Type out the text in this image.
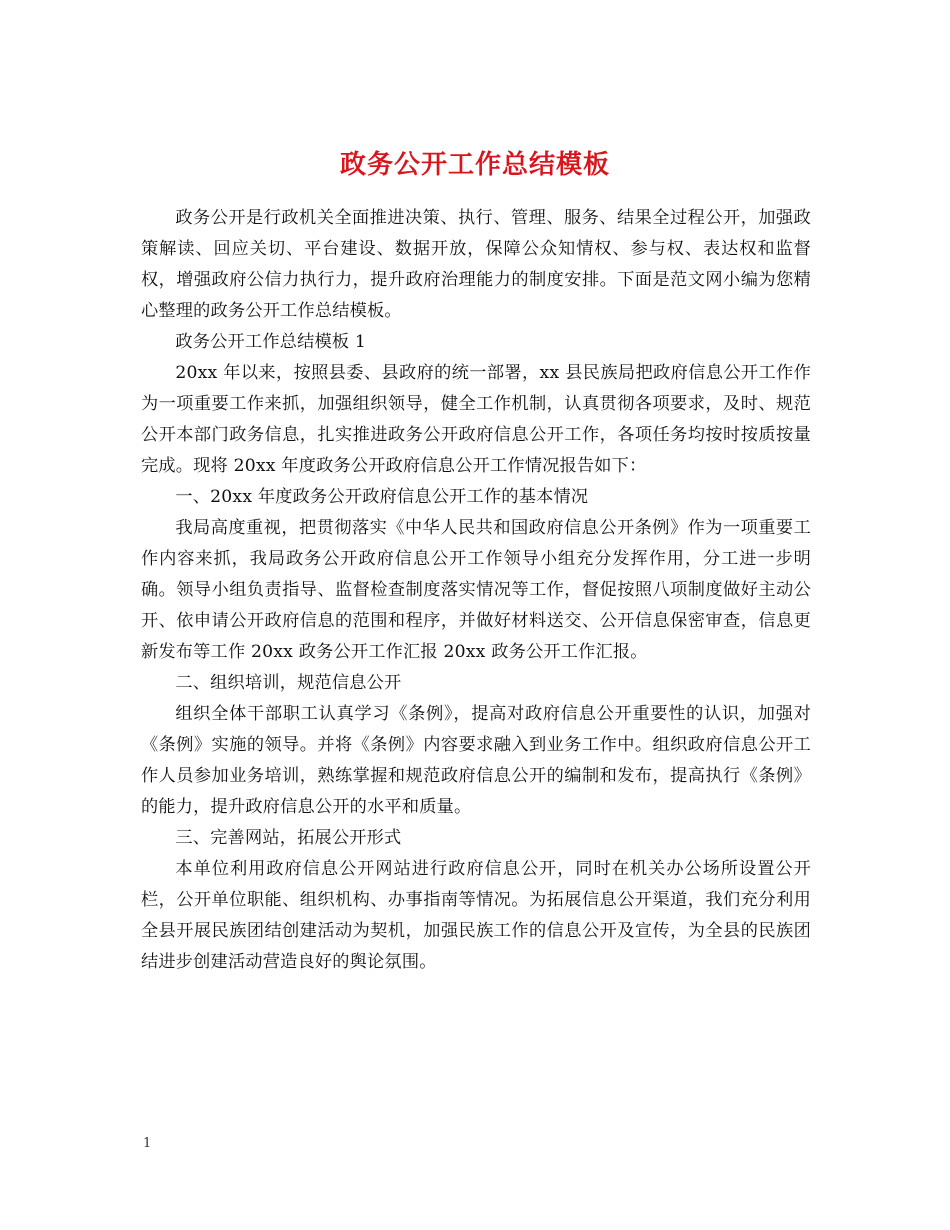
政务公开工作总结模板

政务公开是行政机关全面推进决策、执行、管理、服务、结果全过程公开，加强政策解读、回应关切、平台建设、数据开放，保障公众知情权、参与权、表达权和监督权，增强政府公信力执行力，提升政府治理能力的制度安排。下面是范文网小编为您精心整理的政务公开工作总结模板。

政务公开工作总结模板 1

20xx 年以来，按照县委、县政府的统一部署，xx 县民族局把政府信息公开工作作为一项重要工作来抓，加强组织领导，健全工作机制，认真贯彻各项要求，及时、规范公开本部门政务信息，扎实推进政务公开政府信息公开工作，各项任务均按时按质按量完成。现将 20xx 年度政务公开政府信息公开工作情况报告如下：

一、20xx 年度政务公开政府信息公开工作的基本情况

我局高度重视，把贯彻落实《中华人民共和国政府信息公开条例》作为一项重要工作内容来抓，我局政务公开政府信息公开工作领导小组充分发挥作用，分工进一步明确。领导小组负责指导、监督检查制度落实情况等工作，督促按照八项制度做好主动公开、依申请公开政府信息的范围和程序，并做好材料送交、公开信息保密审查，信息更新发布等工作 20xx 政务公开工作汇报 20xx 政务公开工作汇报。

二、组织培训，规范信息公开

组织全体干部职工认真学习《条例》，提高对政府信息公开重要性的认识，加强对《条例》实施的领导。并将《条例》内容要求融入到业务工作中。组织政府信息公开工作人员参加业务培训，熟练掌握和规范政府信息公开的编制和发布，提高执行《条例》的能力，提升政府信息公开的水平和质量。

三、完善网站，拓展公开形式

本单位利用政府信息公开网站进行政府信息公开，同时在机关办公场所设置公开栏，公开单位职能、组织机构、办事指南等情况。为拓展信息公开渠道，我们充分利用全县开展民族团结创建活动为契机，加强民族工作的信息公开及宣传，为全县的民族团结进步创建活动营造良好的舆论氛围。

1
